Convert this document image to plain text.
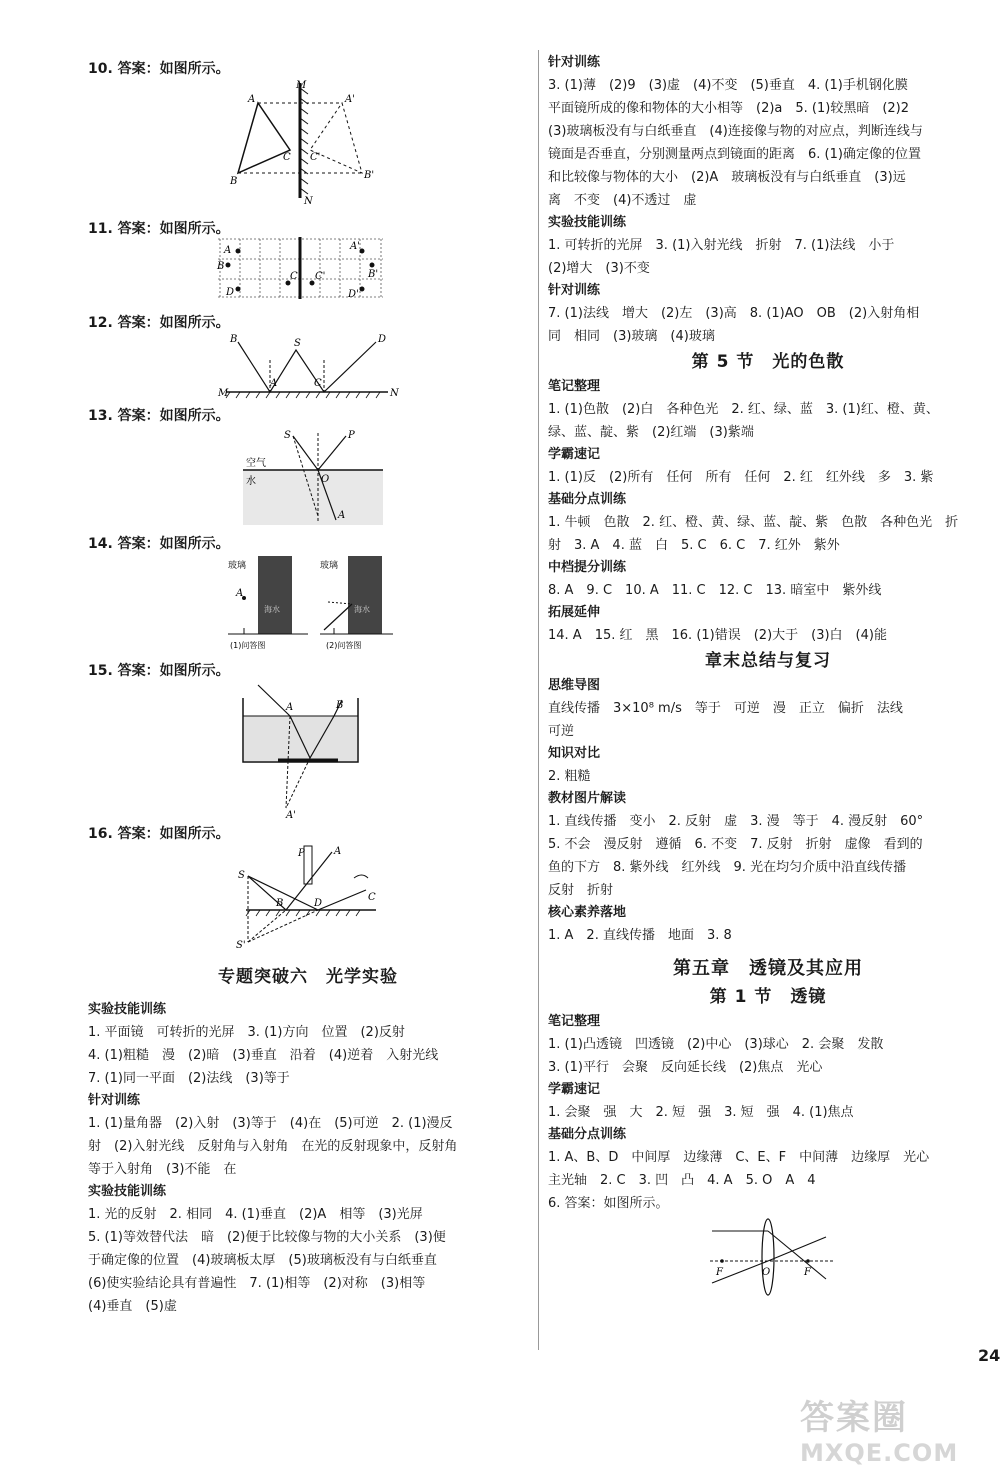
10. 答案：如图所示。
M
N
A
B
C
A'
B'
C'
11. 答案：如图所示。
A
B
D
C
A'
B'
D'
C'
12. 答案：如图所示。
B	S	D
A	C
M	N
13. 答案：如图所示。
S	P
O
A
空气
水
14. 答案：如图所示。
玻璃	玻璃
海水	海水
A
(1)问答图	(2)问答图
15. 答案：如图所示。
A	B
A'
16. 答案：如图所示。
P
S
A
B
C
D
S'
专题突破六　光学实验
实验技能训练

1. 平面镜　可转折的光屏　3. (1)方向　位置　(2)反射

4. (1)粗糙　漫　(2)暗　(3)垂直　沿着　(4)逆着　入射光线

7. (1)同一平面　(2)法线　(3)等于

针对训练

1. (1)量角器　(2)入射　(3)等于　(4)在　(5)可逆　2. (1)漫反

射　(2)入射光线　反射角与入射角　在光的反射现象中，反射角

等于入射角　(3)不能　在

实验技能训练

1. 光的反射　2. 相同　4. (1)垂直　(2)A　相等　(3)光屏

5. (1)等效替代法　暗　(2)便于比较像与物的大小关系　(3)便

于确定像的位置　(4)玻璃板太厚　(5)玻璃板没有与白纸垂直

(6)使实验结论具有普遍性　7. (1)相等　(2)对称　(3)相等

(4)垂直　(5)虚

针对训练

3. (1)薄　(2)9　(3)虚　(4)不变　(5)垂直　4. (1)手机钢化膜

平面镜所成的像和物体的大小相等　(2)a　5. (1)较黑暗　(2)2

(3)玻璃板没有与白纸垂直　(4)连接像与物的对应点，判断连线与

镜面是否垂直，分别测量两点到镜面的距离　6. (1)确定像的位置

和比较像与物体的大小　(2)A　玻璃板没有与白纸垂直　(3)远

离　不变　(4)不透过　虚

实验技能训练

1. 可转折的光屏　3. (1)入射光线　折射　7. (1)法线　小于

(2)增大　(3)不变

针对训练

7. (1)法线　增大　(2)左　(3)高　8. (1)AO　OB　(2)入射角相

同　相同　(3)玻璃　(4)玻璃

第 5 节　光的色散
笔记整理

1. (1)色散　(2)白　各种色光　2. 红、绿、蓝　3. (1)红、橙、黄、

绿、蓝、靛、紫　(2)红端　(3)紫端

学霸速记

1. (1)反　(2)所有　任何　所有　任何　2. 红　红外线　多　3. 紫

基础分点训练

1. 牛顿　色散　2. 红、橙、黄、绿、蓝、靛、紫　色散　各种色光　折

射　3. A　4. 蓝　白　5. C　6. C　7. 红外　紫外

中档提分训练

8. A　9. C　10. A　11. C　12. C　13. 暗室中　紫外线

拓展延伸

14. A　15. 红　黑　16. (1)错误　(2)大于　(3)白　(4)能

章末总结与复习
思维导图

直线传播　3×10⁸ m/s　等于　可逆　漫　正立　偏折　法线

可逆

知识对比

2. 粗糙

教材图片解读

1. 直线传播　变小　2. 反射　虚　3. 漫　等于　4. 漫反射　60°

5. 不会　漫反射　遵循　6. 不变　7. 反射　折射　虚像　看到的

鱼的下方　8. 紫外线　红外线　9. 光在均匀介质中沿直线传播

反射　折射

核心素养落地

1. A　2. 直线传播　地面　3. 8

第五章　透镜及其应用
第 1 节　透镜
笔记整理

1. (1)凸透镜　凹透镜　(2)中心　(3)球心　2. 会聚　发散

3. (1)平行　会聚　反向延长线　(2)焦点　光心

学霸速记

1. 会聚　强　大　2. 短　强　3. 短　强　4. (1)焦点

基础分点训练

1. A、B、D　中间厚　边缘薄　C、E、F　中间薄　边缘厚　光心

主光轴　2. C　3. 凹　凸　4. A　5. O　A　4

6. 答案：如图所示。

F	O	F
24
答案圈
MXQE.COM
